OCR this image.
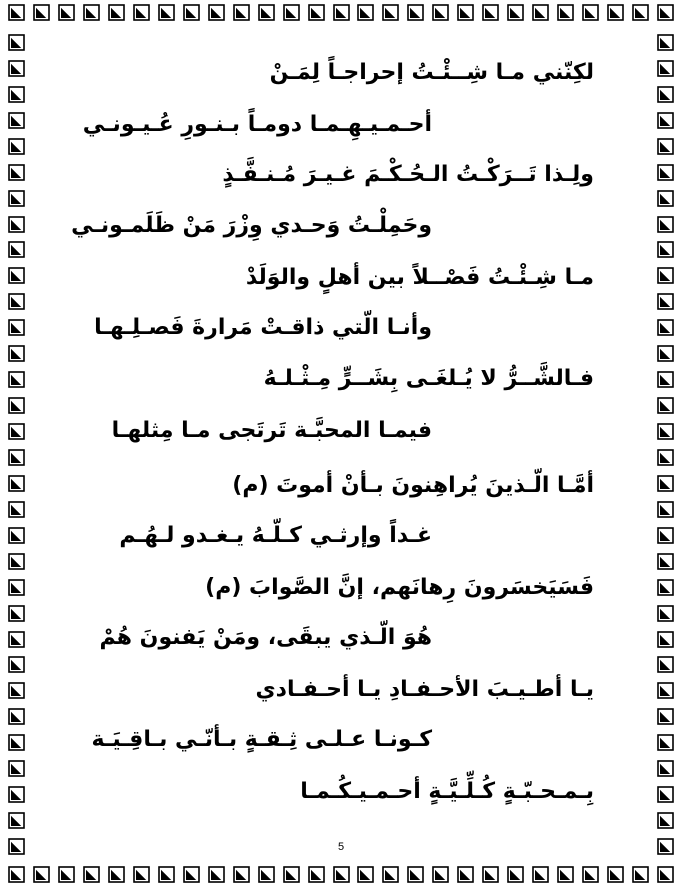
لكِنّني مـا شِــئْـتُ إحراجـاً لِمَـنْ
أحـمـيـهِـمـا دومـاً بـنـورِ عُـيـونـي
ولِـذا تَــرَكْـتُ الـحُـكْـمَ غـيـرَ مُـنـفَّـذٍ
وحَمِلْـتُ وَحـدي وِزْرَ مَنْ ظَلَمـونـي
مـا شِـئْـتُ فَصْــلاً بين أهلٍ والوَلَدْ
وأنـا الّتي ذاقـتْ مَرارةَ فَصـلِـهـا
فـالشَّــرُّ لا يُـلغَـى بِشَــرٍّ مِـثْـلـهُ
فيمـا المحبَّـة تَرتَجى مـا مِثلهـا
أمَّـا الّـذينَ يُراهِنونَ بـأنْ أموتَ (م)
غـداً وإرثـي كـلّـهُ يـغـدو لـهُـم
فَسَيَخسَرونَ رِهانَهم، إنَّ الصَّوابَ (م)
هُوَ الّـذي يبقَى، ومَنْ يَفنونَ هُمْ
يـا أطـيـبَ الأحـفـادِ يـا أحـفـادي
كـونـا عـلـى ثِـقـةٍ بـأنّـي بـاقِـيَـة
بِـمـحـبّـةٍ كُـلِّـيَّـةٍ أحـمـيـكُـمـا
5
